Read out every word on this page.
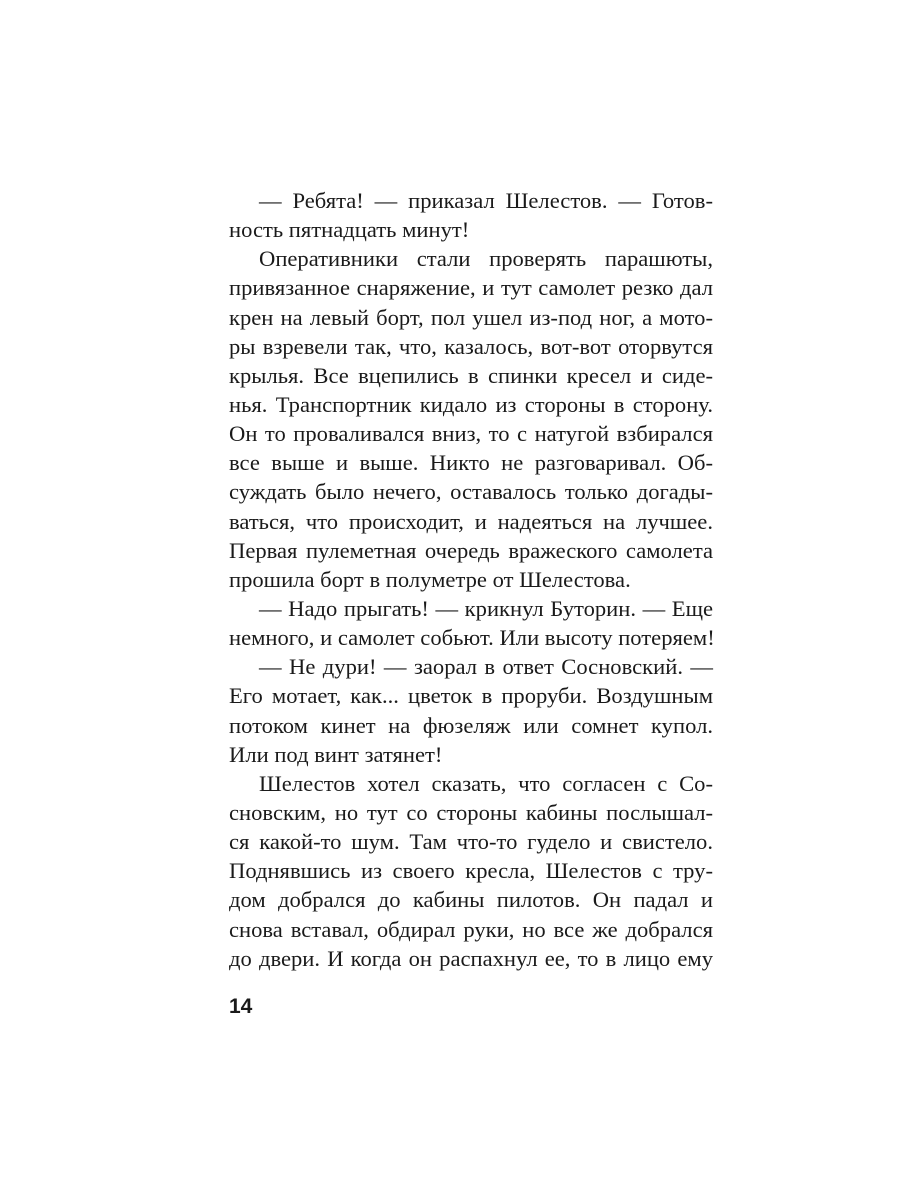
— Ребята! — приказал Шелестов. — Готов-
ность пятнадцать минут!
Оперативники стали проверять парашюты,
привязанное снаряжение, и тут самолет резко дал
крен на левый борт, пол ушел из-под ног, а мото-
ры взревели так, что, казалось, вот-вот оторвутся
крылья. Все вцепились в спинки кресел и сиде-
нья. Транспортник кидало из стороны в сторону.
Он то проваливался вниз, то с натугой взбирался
все выше и выше. Никто не разговаривал. Об-
суждать было нечего, оставалось только догады-
ваться, что происходит, и надеяться на лучшее.
Первая пулеметная очередь вражеского самолета
прошила борт в полуметре от Шелестова.
— Надо прыгать! — крикнул Буторин. — Еще
немного, и самолет собьют. Или высоту потеряем!
— Не дури! — заорал в ответ Сосновский. —
Его мотает, как... цветок в проруби. Воздушным
потоком кинет на фюзеляж или сомнет купол.
Или под винт затянет!
Шелестов хотел сказать, что согласен с Со-
сновским, но тут со стороны кабины послышал-
ся какой-то шум. Там что-то гудело и свистело.
Поднявшись из своего кресла, Шелестов с тру-
дом добрался до кабины пилотов. Он падал и
снова вставал, обдирал руки, но все же добрался
до двери. И когда он распахнул ее, то в лицо ему
14
